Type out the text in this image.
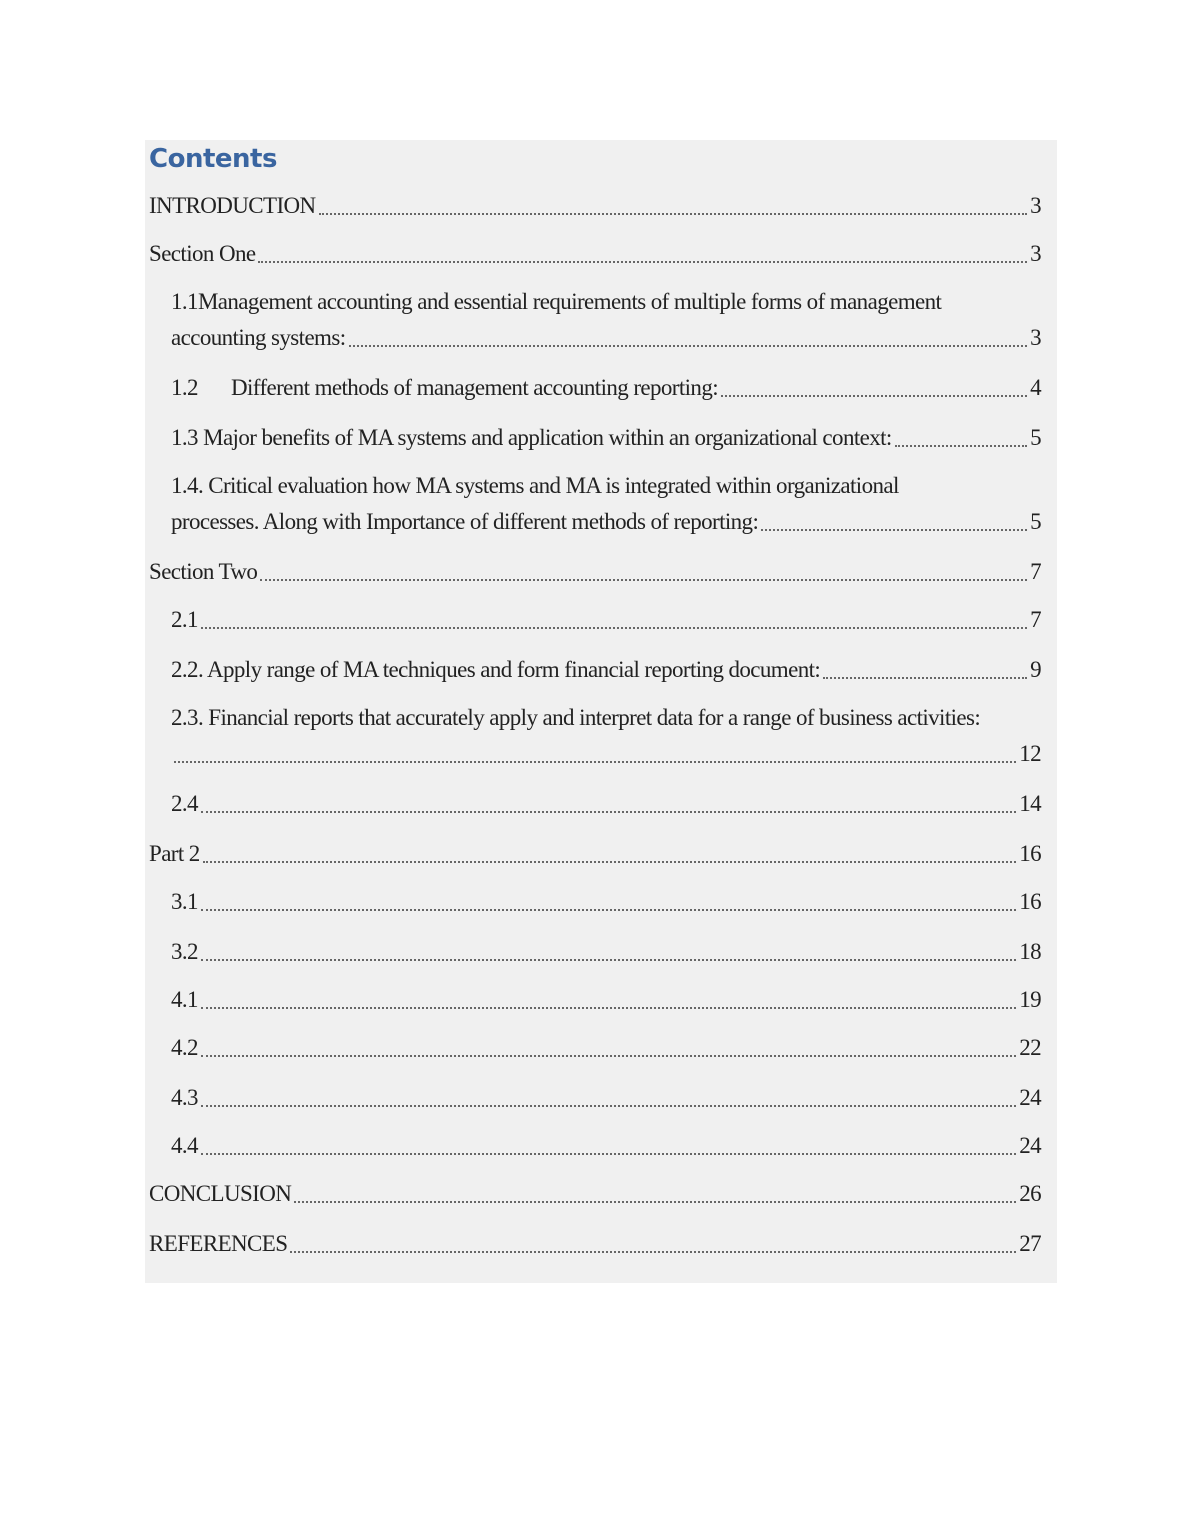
Contents
INTRODUCTION	3
Section One	3
1.1Management accounting and essential requirements of multiple forms of management
accounting systems:	3
1.2 Different methods of management accounting reporting:	4
1.3 Major benefits of MA systems and application within an organizational context:	5
1.4. Critical evaluation how MA systems and MA is integrated within organizational
processes. Along with Importance of different methods of reporting:	5
Section Two	7
2.1	7
2.2. Apply range of MA techniques and form financial reporting document:	9
2.3. Financial reports that accurately apply and interpret data for a range of business activities:
12
2.4	14
Part 2	16
3.1	16
3.2	18
4.1	19
4.2	22
4.3	24
4.4	24
CONCLUSION	26
REFERENCES	27
